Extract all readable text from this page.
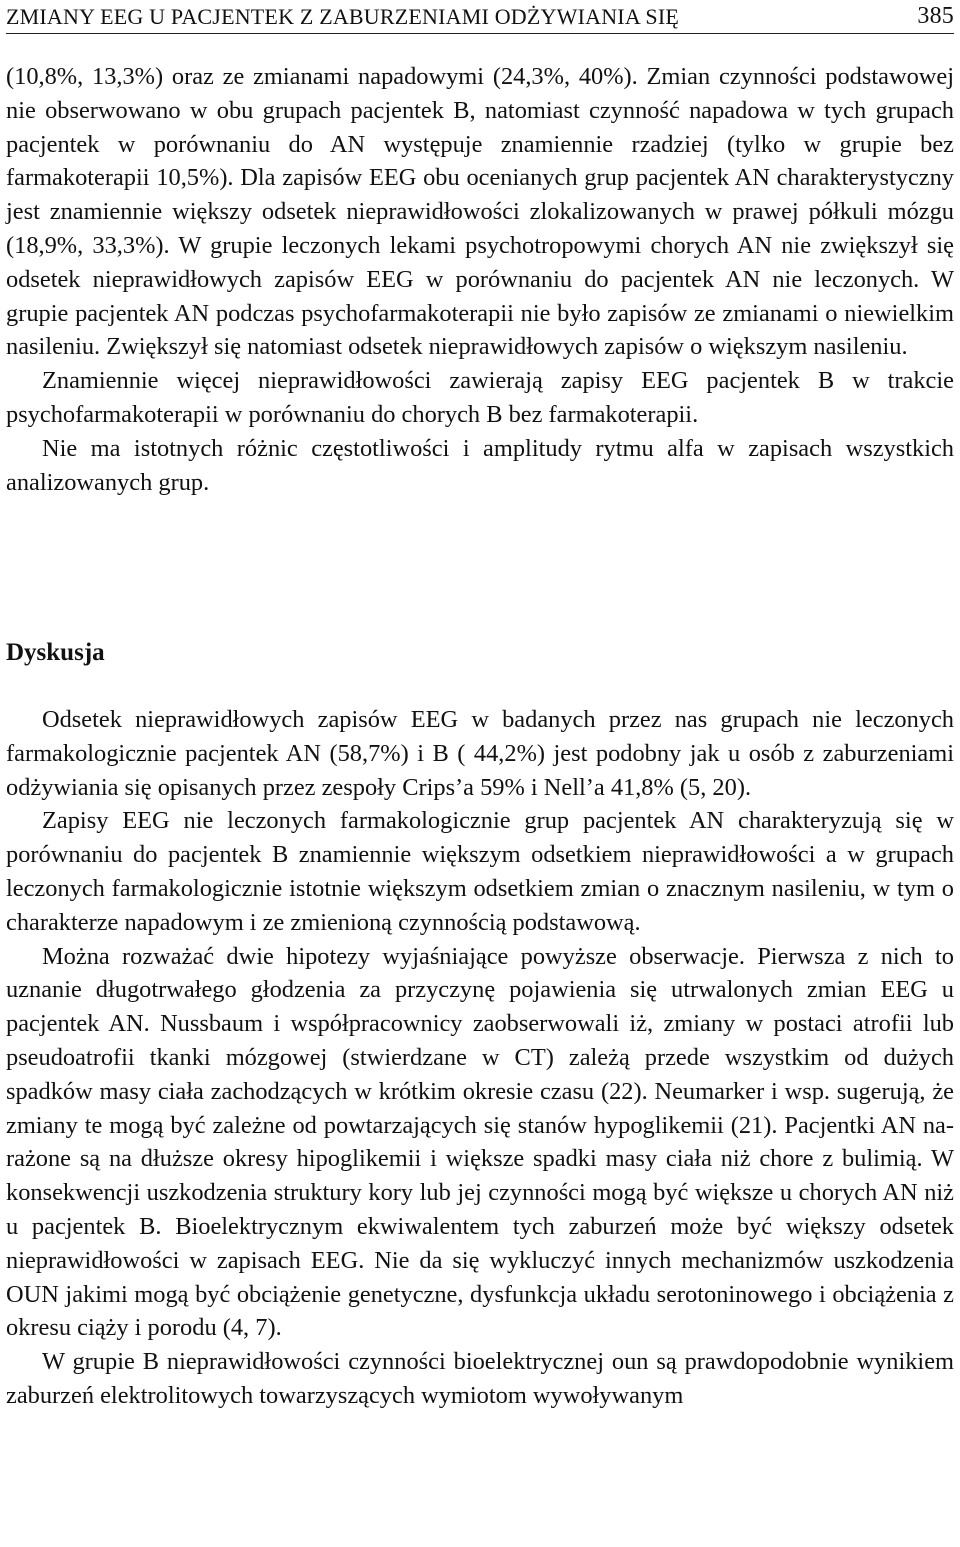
ZMIANY EEG U PACJENTEK Z ZABURZENIAMI ODŻYWIANIA SIĘ	385

(10,8%, 13,3%) oraz ze zmianami napadowymi (24,3%, 40%). Zmian czynności podstawowej nie obserwowano w obu grupach pacjentek B, natomiast czynność napadowa w tych grupach pacjentek w porównaniu do AN występuje znamiennie rzadziej (tylko w grupie bez farmakoterapii 10,5%). Dla zapisów EEG obu ocenianych grup pacjentek AN charakterystyczny jest znamiennie większy odsetek nieprawidłowości zlokalizowanych w prawej półkuli mózgu (18,9%, 33,3%). W grupie leczonych lekami psychotropowymi chorych AN nie zwiększył się odsetek nieprawidłowych zapisów EEG w porównaniu do pacjentek AN nie leczonych. W grupie pacjentek AN podczas psychofarmakoterapii nie było zapisów ze zmianami o niewielkim nasileniu. Zwiększył się natomiast odsetek nieprawidłowych zapisów o większym nasileniu.

Znamiennie więcej nieprawidłowości zawierają zapisy EEG pacjentek B w trakcie psychofarmakoterapii w porównaniu do chorych B bez farmakoterapii.

Nie ma istotnych różnic częstotliwości i amplitudy rytmu alfa w zapisach wszystkich analizowanych grup.

Dyskusja

Odsetek nieprawidłowych zapisów EEG w badanych przez nas grupach nie leczonych farmakologicznie pacjentek AN (58,7%) i B ( 44,2%) jest podobny jak u osób z zaburzeniami odżywiania się opisanych przez zespoły Crips’a 59% i Nell’a 41,8% (5, 20).

Zapisy EEG nie leczonych farmakologicznie grup pacjentek AN charakteryzują się w porównaniu do pacjentek B znamiennie większym odsetkiem nieprawidłowości a w grupach leczonych farmakologicznie istotnie większym odsetkiem zmian o znacznym nasileniu, w tym o charakterze napadowym i ze zmienioną czynnością podstawową.

Można rozważać dwie hipotezy wyjaśniające powyższe obserwacje. Pierwsza z nich to uznanie długotrwałego głodzenia za przyczynę pojawienia się utrwalonych zmian EEG u pacjentek AN. Nussbaum i współpracownicy zaobserwowali iż, zmiany w postaci atrofii lub pseudoatrofii tkanki mózgowej (stwierdzane w CT) zależą przede wszystkim od dużych spadków masy ciała zachodzących w krótkim okresie czasu (22). Neumarker i wsp. sugerują, że zmiany te mogą być zależne od powtarzających się stanów hypoglikemii (21). Pacjentki AN narażone są na dłuższe okresy hipoglikemii i większe spadki masy ciała niż chore z bulimią. W konsekwencji uszkodzenia struktury kory lub jej czynności mogą być większe u chorych AN niż u pacjentek B. Bioelektrycznym ekwiwalentem tych zaburzeń może być większy odsetek nieprawidłowości w zapisach EEG. Nie da się wykluczyć innych mechanizmów uszkodzenia OUN jakimi mogą być obciążenie genetyczne, dysfunkcja układu serotoninowego i obciążenia z okresu ciąży i porodu (4, 7).

W grupie B nieprawidłowości czynności bioelektrycznej oun są prawdopodobnie wynikiem zaburzeń elektrolitowych towarzyszących wymiotom wywoływanym
